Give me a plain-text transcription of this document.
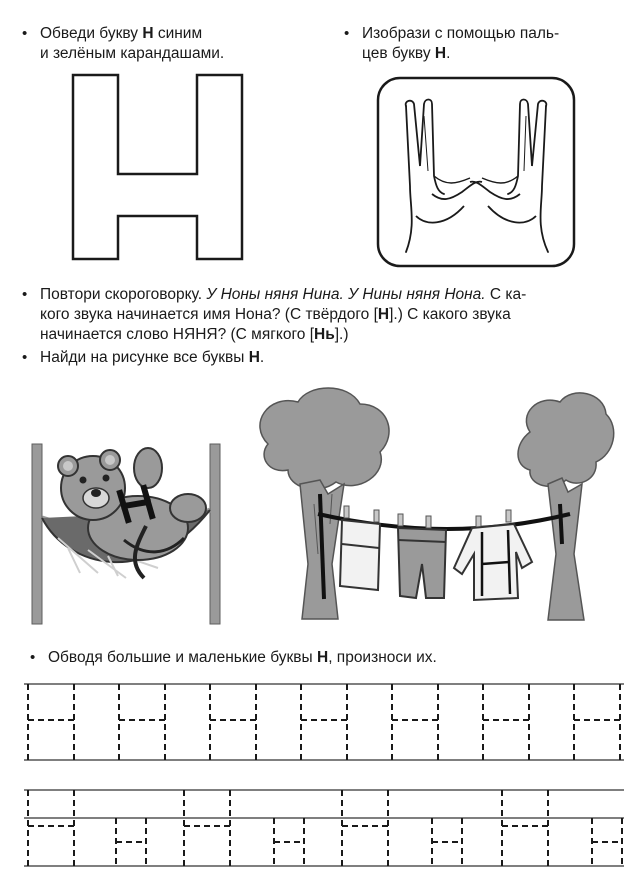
• Обведи букву Н синим
и зелёным карандашами.
• Изобрази с помощью паль-
цев букву Н.
• Повтори скороговорку. У Ноны няня Нина. У Нины няня Нона. С ка-
кого звука начинается имя Нона? (С твёрдого [Н].) С какого звука
начинается слово НЯНЯ? (С мягкого [Нь].)
• Найди на рисунке все буквы Н.
• Обводя большие и маленькие буквы Н, произноси их.
